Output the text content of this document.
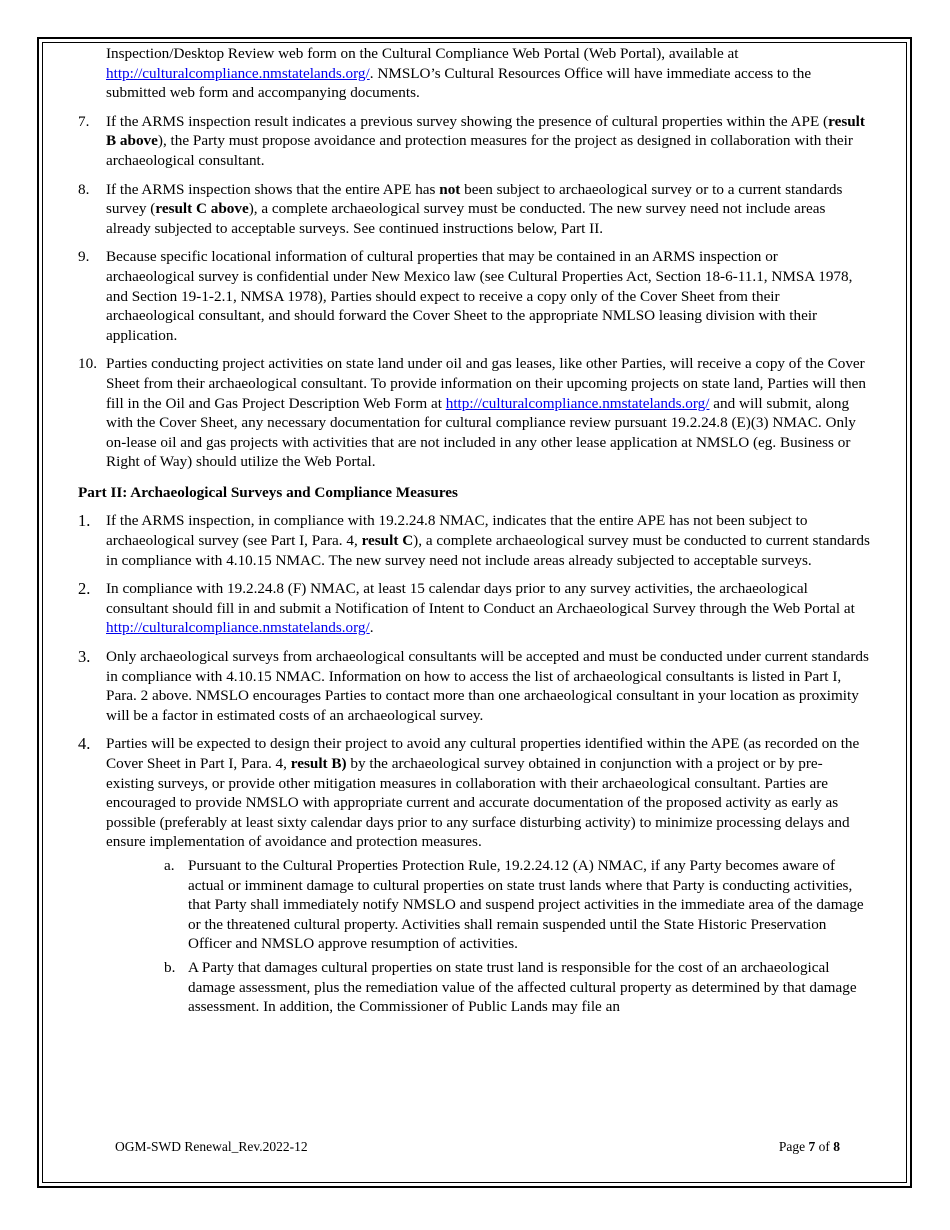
Inspection/Desktop Review web form on the Cultural Compliance Web Portal (Web Portal), available at http://culturalcompliance.nmstatelands.org/. NMSLO’s Cultural Resources Office will have immediate access to the submitted web form and accompanying documents.
7. If the ARMS inspection result indicates a previous survey showing the presence of cultural properties within the APE (result B above), the Party must propose avoidance and protection measures for the project as designed in collaboration with their archaeological consultant.
8. If the ARMS inspection shows that the entire APE has not been subject to archaeological survey or to a current standards survey (result C above), a complete archaeological survey must be conducted. The new survey need not include areas already subjected to acceptable surveys. See continued instructions below, Part II.
9. Because specific locational information of cultural properties that may be contained in an ARMS inspection or archaeological survey is confidential under New Mexico law (see Cultural Properties Act, Section 18-6-11.1, NMSA 1978, and Section 19-1-2.1, NMSA 1978), Parties should expect to receive a copy only of the Cover Sheet from their archaeological consultant, and should forward the Cover Sheet to the appropriate NMLSO leasing division with their application.
10. Parties conducting project activities on state land under oil and gas leases, like other Parties, will receive a copy of the Cover Sheet from their archaeological consultant. To provide information on their upcoming projects on state land, Parties will then fill in the Oil and Gas Project Description Web Form at http://culturalcompliance.nmstatelands.org/ and will submit, along with the Cover Sheet, any necessary documentation for cultural compliance review pursuant 19.2.24.8 (E)(3) NMAC. Only on-lease oil and gas projects with activities that are not included in any other lease application at NMSLO (eg. Business or Right of Way) should utilize the Web Portal.
Part II: Archaeological Surveys and Compliance Measures
1. If the ARMS inspection, in compliance with 19.2.24.8 NMAC, indicates that the entire APE has not been subject to archaeological survey (see Part I, Para. 4, result C), a complete archaeological survey must be conducted to current standards in compliance with 4.10.15 NMAC. The new survey need not include areas already subjected to acceptable surveys.
2. In compliance with 19.2.24.8 (F) NMAC, at least 15 calendar days prior to any survey activities, the archaeological consultant should fill in and submit a Notification of Intent to Conduct an Archaeological Survey through the Web Portal at http://culturalcompliance.nmstatelands.org/.
3. Only archaeological surveys from archaeological consultants will be accepted and must be conducted under current standards in compliance with 4.10.15 NMAC. Information on how to access the list of archaeological consultants is listed in Part I, Para. 2 above. NMSLO encourages Parties to contact more than one archaeological consultant in your location as proximity will be a factor in estimated costs of an archaeological survey.
4. Parties will be expected to design their project to avoid any cultural properties identified within the APE (as recorded on the Cover Sheet in Part I, Para. 4, result B) by the archaeological survey obtained in conjunction with a project or by pre-existing surveys, or provide other mitigation measures in collaboration with their archaeological consultant. Parties are encouraged to provide NMSLO with appropriate current and accurate documentation of the proposed activity as early as possible (preferably at least sixty calendar days prior to any surface disturbing activity) to minimize processing delays and ensure implementation of avoidance and protection measures.
a. Pursuant to the Cultural Properties Protection Rule, 19.2.24.12 (A) NMAC, if any Party becomes aware of actual or imminent damage to cultural properties on state trust lands where that Party is conducting activities, that Party shall immediately notify NMSLO and suspend project activities in the immediate area of the damage or the threatened cultural property. Activities shall remain suspended until the State Historic Preservation Officer and NMSLO approve resumption of activities.
b. A Party that damages cultural properties on state trust land is responsible for the cost of an archaeological damage assessment, plus the remediation value of the affected cultural property as determined by that damage assessment. In addition, the Commissioner of Public Lands may file an
OGM-SWD Renewal_Rev.2022-12	Page 7 of 8
